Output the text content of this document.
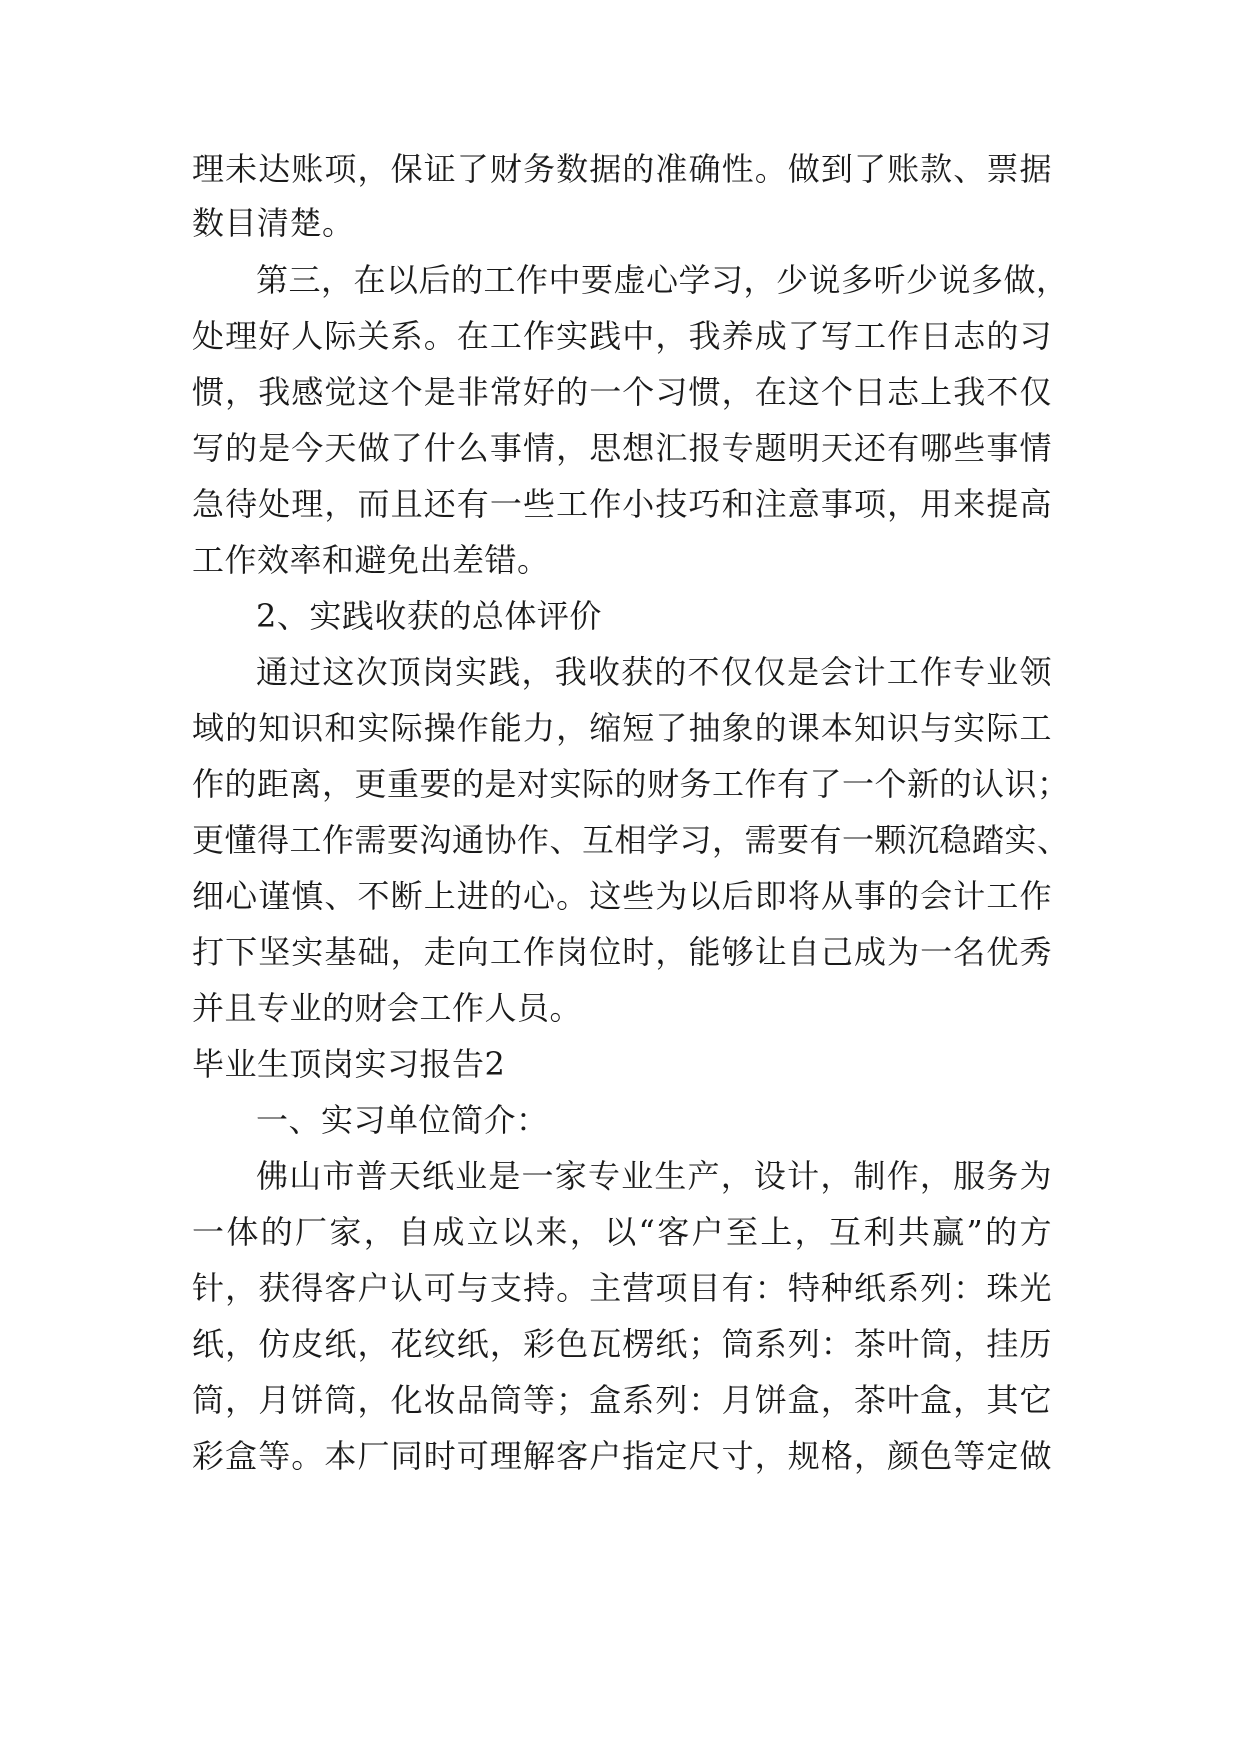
理未达账项，保证了财务数据的准确性。做到了账款、票据
数目清楚。
第三，在以后的工作中要虚心学习，少说多听少说多做，
处理好人际关系。在工作实践中，我养成了写工作日志的习
惯，我感觉这个是非常好的一个习惯，在这个日志上我不仅
写的是今天做了什么事情，思想汇报专题明天还有哪些事情
急待处理，而且还有一些工作小技巧和注意事项，用来提高
工作效率和避免出差错。
2、实践收获的总体评价
通过这次顶岗实践，我收获的不仅仅是会计工作专业领
域的知识和实际操作能力，缩短了抽象的课本知识与实际工
作的距离，更重要的是对实际的财务工作有了一个新的认识；
更懂得工作需要沟通协作、互相学习，需要有一颗沉稳踏实、
细心谨慎、不断上进的心。这些为以后即将从事的会计工作
打下坚实基础，走向工作岗位时，能够让自己成为一名优秀
并且专业的财会工作人员。
毕业生顶岗实习报告2
一、实习单位简介：
佛山市普天纸业是一家专业生产，设计，制作，服务为
一体的厂家，自成立以来，以“客户至上，互利共赢”的方
针，获得客户认可与支持。主营项目有：特种纸系列：珠光
纸，仿皮纸，花纹纸，彩色瓦楞纸；筒系列：茶叶筒，挂历
筒，月饼筒，化妆品筒等；盒系列：月饼盒，茶叶盒，其它
彩盒等。本厂同时可理解客户指定尺寸，规格，颜色等定做
